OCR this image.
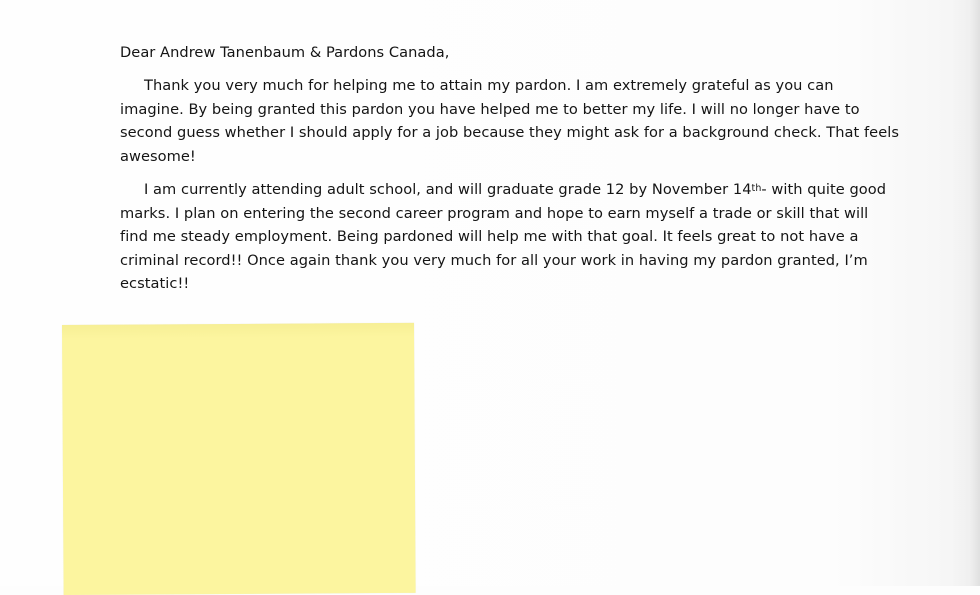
Dear Andrew Tanenbaum & Pardons Canada,
Thank you very much for helping me to attain my pardon. I am extremely grateful as you can
imagine. By being granted this pardon you have helped me to better my life. I will no longer have to
second guess whether I should apply for a job because they might ask for a background check. That feels
awesome!
I am currently attending adult school, and will graduate grade 12 by November 14th- with quite good
marks. I plan on entering the second career program and hope to earn myself a trade or skill that will
find me steady employment. Being pardoned will help me with that goal. It feels great to not have a
criminal record!! Once again thank you very much for all your work in having my pardon granted, I’m
ecstatic!!
